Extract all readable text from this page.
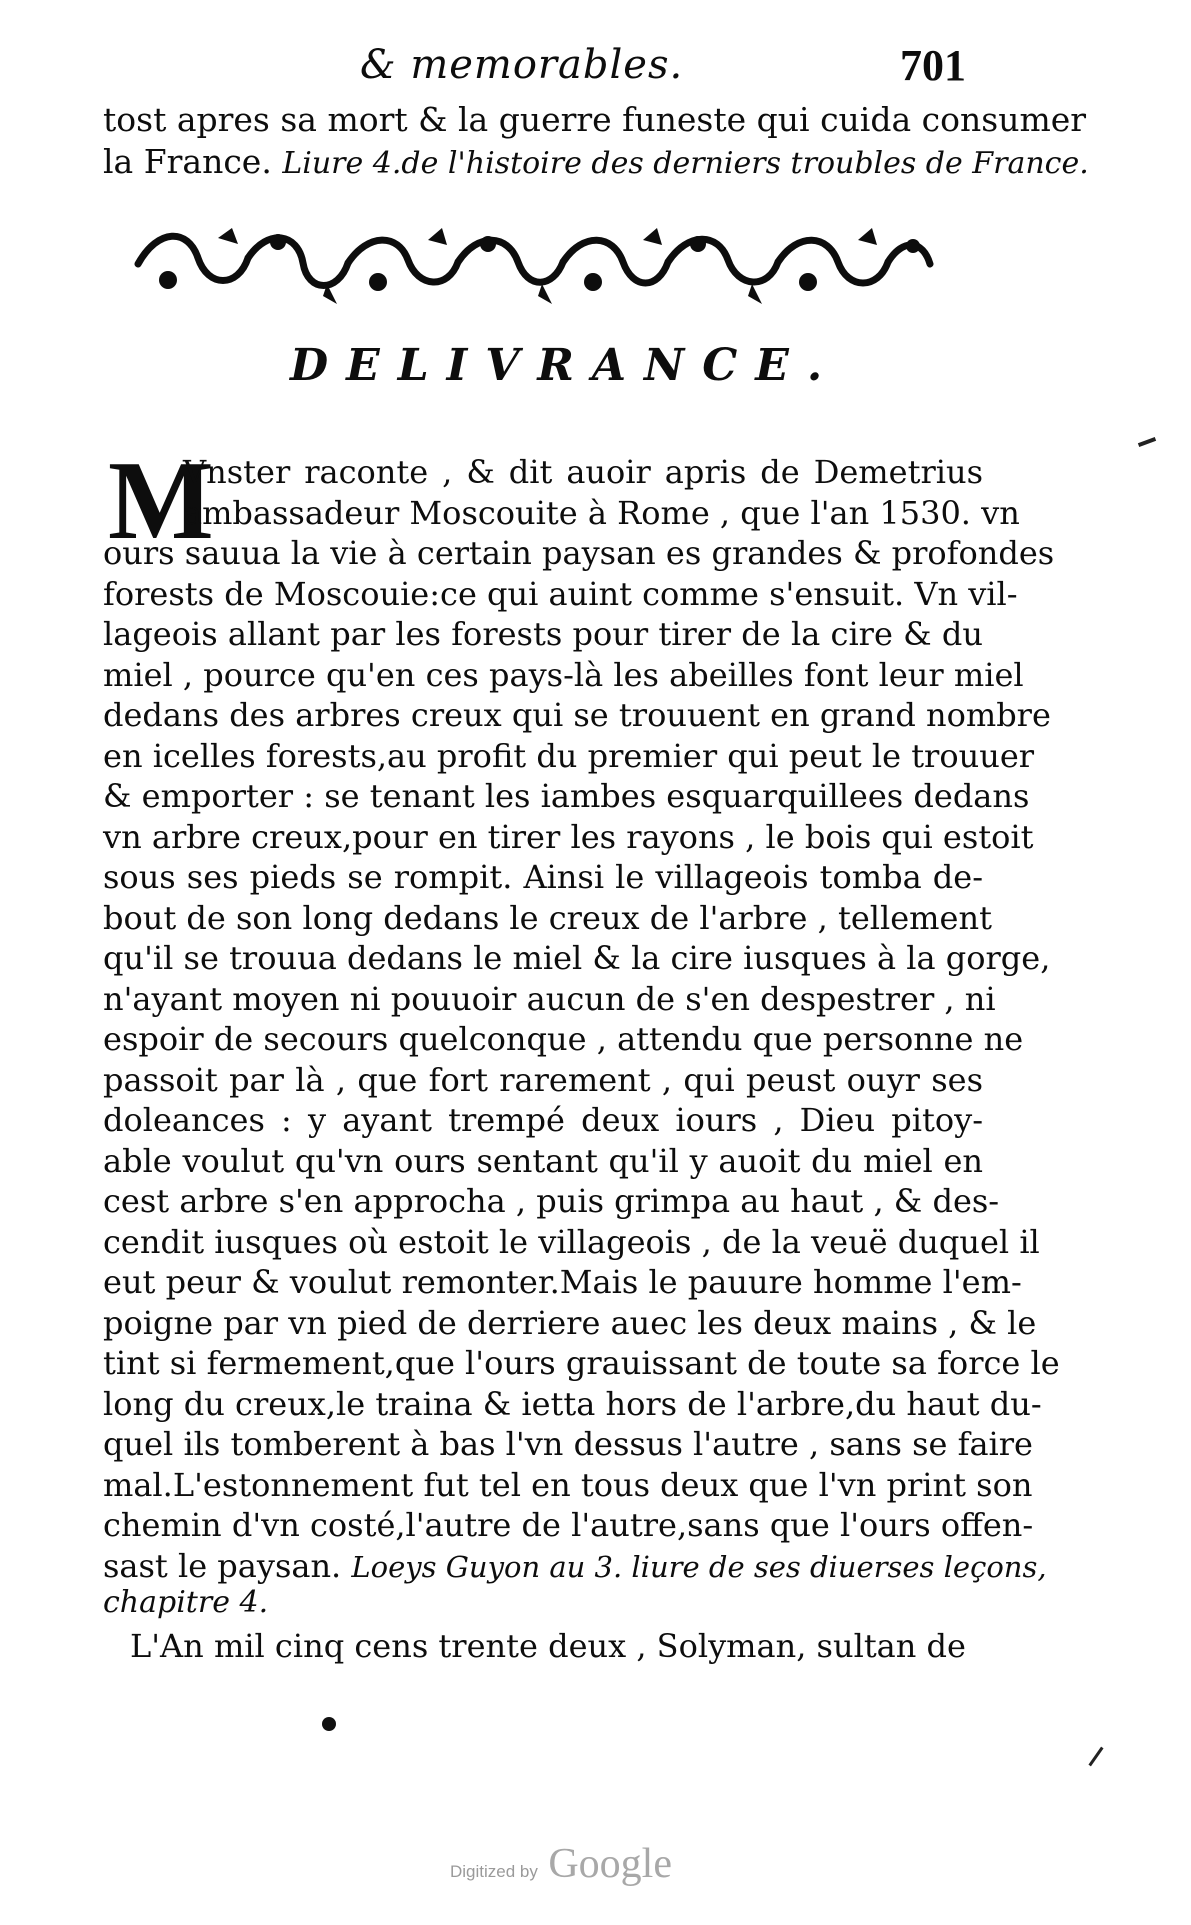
& memorables.	701
tost apres sa mort & la guerre funeste qui cuida consumer
la France. Liure 4.de l'histoire des derniers troubles de France.
DELIVRANCE.
M
Vnster raconte , & dit auoir apris de Demetrius
ambassadeur Moscouite à Rome , que l'an 1530. vn
ours sauua la vie à certain paysan es grandes & profondes
forests de Moscouie:ce qui auint comme s'ensuit. Vn vil-
lageois allant par les forests pour tirer de la cire & du
miel , pource qu'en ces pays-là les abeilles font leur miel
dedans des arbres creux qui se trouuent en grand nombre
en icelles forests,au profit du premier qui peut le trouuer
& emporter : se tenant les iambes esquarquillees dedans
vn arbre creux,pour en tirer les rayons , le bois qui estoit
sous ses pieds se rompit. Ainsi le villageois tomba de-
bout de son long dedans le creux de l'arbre , tellement
qu'il se trouua dedans le miel & la cire iusques à la gorge,
n'ayant moyen ni pouuoir aucun de s'en despestrer , ni
espoir de secours quelconque , attendu que personne ne
passoit par là , que fort rarement , qui peust ouyr ses
doleances : y ayant trempé deux iours , Dieu pitoy-
able voulut qu'vn ours sentant qu'il y auoit du miel en
cest arbre s'en approcha , puis grimpa au haut , & des-
cendit iusques où estoit le villageois , de la veuë duquel il
eut peur & voulut remonter.Mais le pauure homme l'em-
poigne par vn pied de derriere auec les deux mains , & le
tint si fermement,que l'ours grauissant de toute sa force le
long du creux,le traina & ietta hors de l'arbre,du haut du-
quel ils tomberent à bas l'vn dessus l'autre , sans se faire
mal.L'estonnement fut tel en tous deux que l'vn print son
chemin d'vn costé,l'autre de l'autre,sans que l'ours offen-
sast le paysan. Loeys Guyon au 3. liure de ses diuerses leçons,
chapitre 4.
L'An mil cinq cens trente deux , Solyman, sultan de
Digitized by Google
